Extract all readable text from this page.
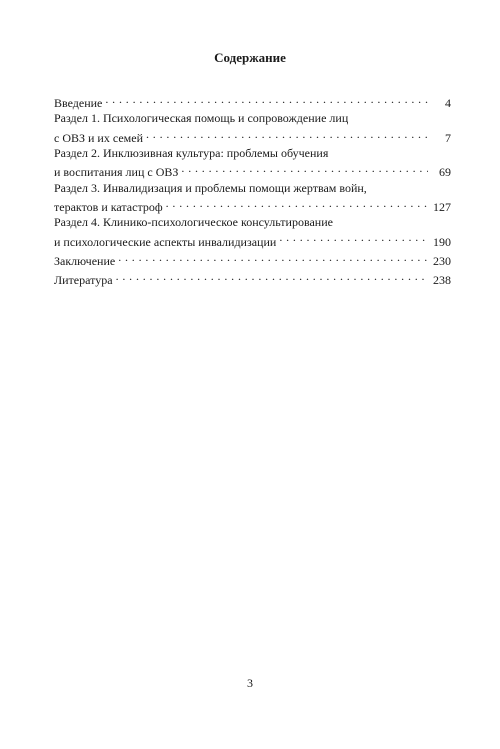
Содержание
Введение . . .	4
Раздел 1. Психологическая помощь и сопровождение лиц
с ОВЗ и их семей . . .	7
Раздел 2. Инклюзивная культура: проблемы обучения
и воспитания лиц с ОВЗ . . .	69
Раздел 3. Инвалидизация и проблемы помощи жертвам войн,
терактов и катастроф . . .	127
Раздел 4. Клинико-психологическое консультирование
и психологические аспекты инвалидизации . . .	190
Заключение . . .	230
Литература . . .	238
3
